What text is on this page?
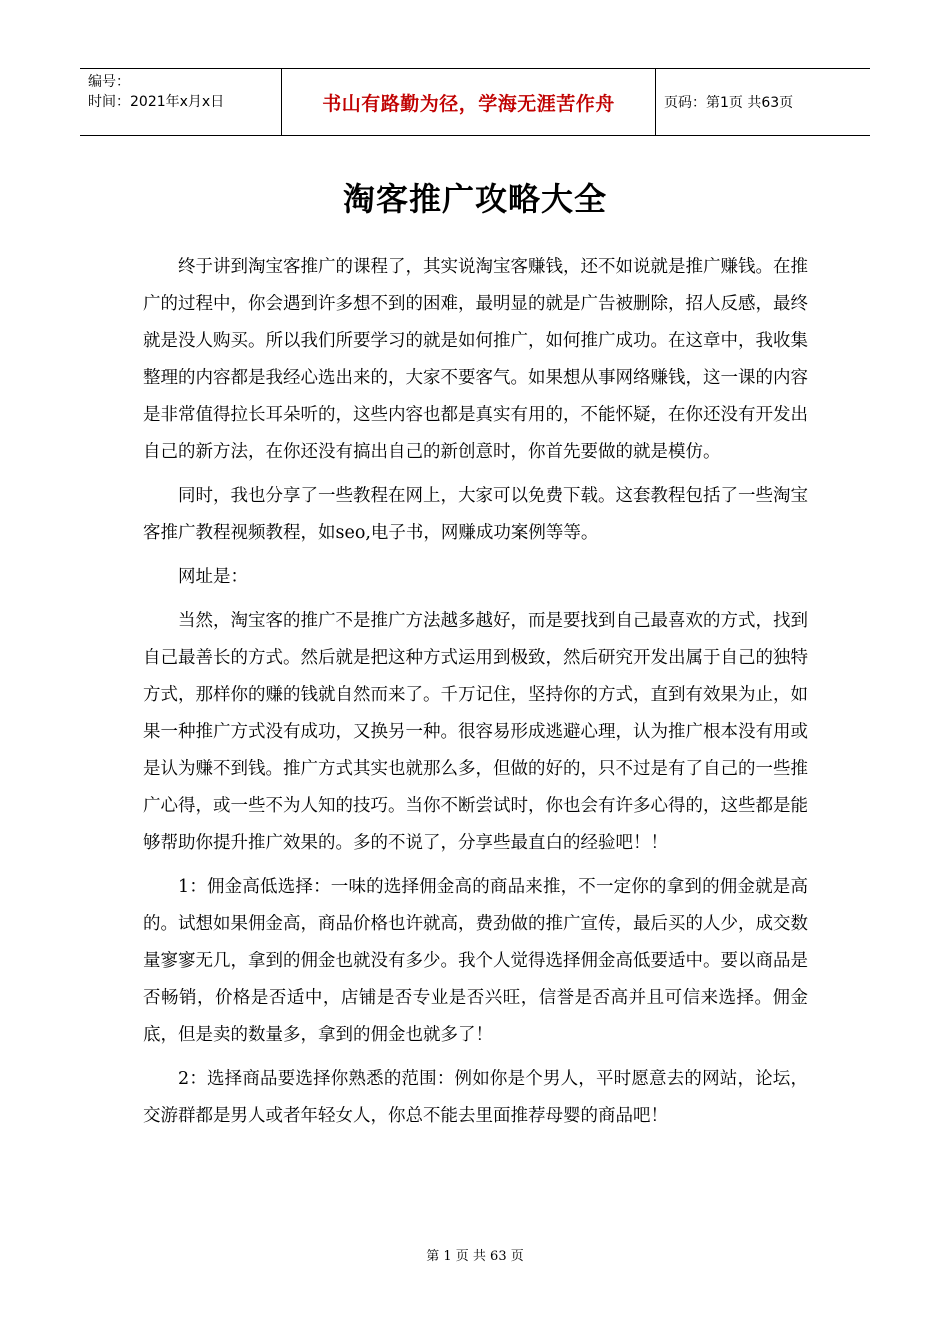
编号：
时间：2021年x月x日	书山有路勤为径，学海无涯苦作舟	页码：第1页 共63页
淘客推广攻略大全

终于讲到淘宝客推广的课程了，其实说淘宝客赚钱，还不如说就是推广赚钱。在推广的过程中，你会遇到许多想不到的困难，最明显的就是广告被删除，招人反感，最终就是没人购买。所以我们所要学习的就是如何推广，如何推广成功。在这章中，我收集整理的内容都是我经心选出来的，大家不要客气。如果想从事网络赚钱，这一课的内容是非常值得拉长耳朵听的，这些内容也都是真实有用的，不能怀疑，在你还没有开发出自己的新方法，在你还没有搞出自己的新创意时，你首先要做的就是模仿。

同时，我也分享了一些教程在网上，大家可以免费下载。这套教程包括了一些淘宝客推广教程视频教程，如seo,电子书，网赚成功案例等等。

网址是：

当然，淘宝客的推广不是推广方法越多越好，而是要找到自己最喜欢的方式，找到自己最善长的方式。然后就是把这种方式运用到极致，然后研究开发出属于自己的独特方式，那样你的赚的钱就自然而来了。千万记住，坚持你的方式，直到有效果为止，如果一种推广方式没有成功，又换另一种。很容易形成逃避心理，认为推广根本没有用或是认为赚不到钱。推广方式其实也就那么多，但做的好的，只不过是有了自己的一些推广心得，或一些不为人知的技巧。当你不断尝试时，你也会有许多心得的，这些都是能够帮助你提升推广效果的。多的不说了，分享些最直白的经验吧！！

1：佣金高低选择：一味的选择佣金高的商品来推，不一定你的拿到的佣金就是高的。试想如果佣金高，商品价格也许就高，费劲做的推广宣传，最后买的人少，成交数量寥寥无几，拿到的佣金也就没有多少。我个人觉得选择佣金高低要适中。要以商品是否畅销，价格是否适中，店铺是否专业是否兴旺，信誉是否高并且可信来选择。佣金底，但是卖的数量多，拿到的佣金也就多了！

2：选择商品要选择你熟悉的范围：例如你是个男人，平时愿意去的网站，论坛，交游群都是男人或者年轻女人，你总不能去里面推荐母婴的商品吧！

第 1 页 共 63 页
